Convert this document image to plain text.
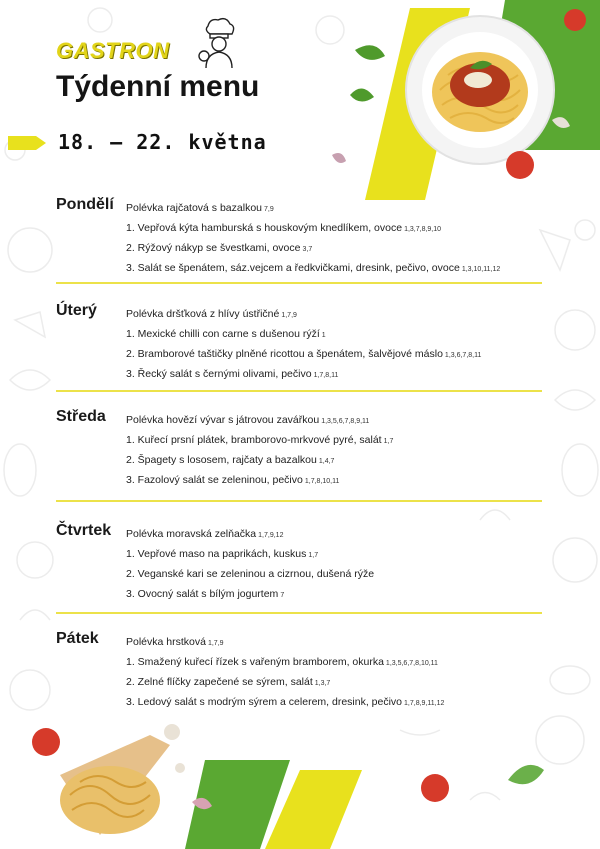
GASTRON
Týdenní menu
18. – 22. května
Pondělí Polévka rajčatová s bazalkou 7,9
1. Vepřová kýta hamburská s houskovým knedlíkem, ovoce 1,3,7,8,9,10
2. Rýžový nákyp se švestkami, ovoce 3,7
3. Salát se špenátem, sáz.vejcem a ředkvičkami, dresink, pečivo, ovoce 1,3,10,11,12
Úterý	Polévka dršťková z hlívy ústřičné 1,7,9
1. Mexické chilli con carne s dušenou rýží 1
2. Bramborové taštičky plněné ricottou a špenátem, šalvějové máslo 1,3,6,7,8,11
3. Řecký salát s černými olivami, pečivo 1,7,8,11
Středa Polévka hovězí vývar s játrovou zavářkou 1,3,5,6,7,8,9,11
1. Kuřecí prsní plátek, bramborovo-mrkvové pyré, salát 1,7
2. Špagety s lososem, rajčaty a bazalkou 1,4,7
3. Fazolový salát se zeleninou, pečivo 1,7,8,10,11
Čtvrtek Polévka moravská zelňačka 1,7,9,12
1. Vepřové maso na paprikách, kuskus 1,7
2. Veganské kari se zeleninou a cizrnou, dušená rýže
3. Ovocný salát s bílým jogurtem 7
Pátek	Polévka hrstková 1,7,9
1. Smažený kuřecí řízek s vařeným bramborem, okurka 1,3,5,6,7,8,10,11
2. Zelné flíčky zapečené se sýrem, salát 1,3,7
3. Ledový salát s modrým sýrem a celerem, dresink, pečivo 1,7,8,9,11,12
